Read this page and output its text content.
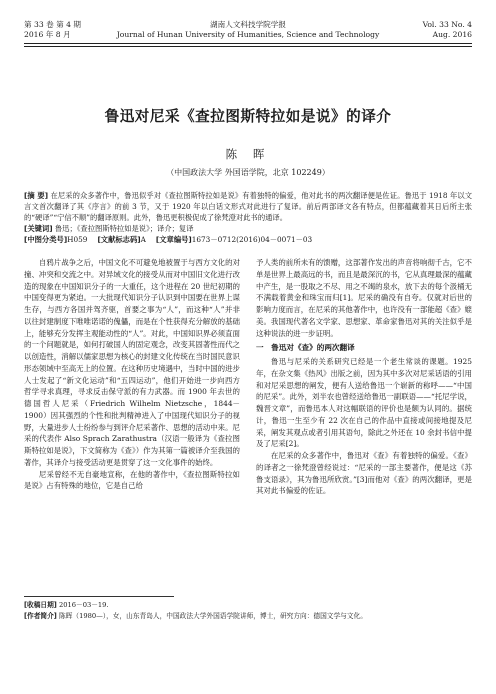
第 33 卷 第 4 期
2016 年 8 月
湖南人文科技学院学报
Journal of Hunan University of Humanities, Science and Technology
Vol. 33 No. 4
Aug. 2016
鲁迅对尼采《查拉图斯特拉如是说》的译介
陈 晖
（中国政法大学 外国语学院，北京 102249）
[摘 要] 在尼采的众多著作中，鲁迅似乎对《查拉图斯特拉如是说》有着独特的偏爱，他对此书的两次翻译便是佐证。鲁迅于 1918 年以文言文首次翻译了其《序言》的前 3 节，又于 1920 年以白话文形式对此进行了复译。前后两部译文各有特点，但都蕴藏着其日后所主张的“硬译”“宁信不顺”的翻译原则。此外，鲁迅更积极促成了徐梵澄对此书的通译。
[关键词] 鲁迅；《查拉图斯特拉如是说》；译介；复译
[中图分类号]H059 [文献标志码]A [文章编号]1673－0712(2016)04－0071－03

自鸦片战争之后，中国文化不可避免地被置于与西方文化的对撞、冲突和交流之中。对异域文化的接受从而对中国旧文化进行改造的现象在中国知识分子的一大重任，这个进程在 20 世纪初期的中国变得更为紧迫。一大批现代知识分子认识到中国要在世界上谋生存，与西方各国并驾齐驱，首要之事为“人”，而这种“人”并非以往封建制度下唯唯诺诺的傀儡，而是在个性获得充分解放的基础上，能够充分发挥主观能动性的“人”。对此，中国知识界必须直面的一个问题就是，如何打破国人的固定观念，改变其固著性而代之以创造性，消解以儒家思想为核心的封建文化传统在当时国民意识形态领域中至高无上的位置。在这种历史境遇中，当时中国的进步人士发起了“新文化运动”和“五四运动”，他们开始进一步向西方哲学寻求真理，寻求反击保守派的有力武器。而 1900 年去世的德国哲人尼采（Friedrich Wilhelm Nietzsche，1844－1900）因其强烈的个性和批判精神进入了中国现代知识分子的视野，大量进步人士纷纷参与到评介尼采著作、思想的活动中来。尼采的代表作 Also Sprach Zarathustra（汉语一般译为《查拉图斯特拉如是说》，下文简称为《查》）作为其第一篇被译介至我国的著作，其译介与接受活动更是贯穿了这一文化事件的始终。

尼采曾经不无自豪地宣称，在他的著作中，《查拉图斯特拉如是说》占有特殊的地位，它是自己给

予人类的前所未有的馈赠，这部著作发出的声音将响彻千古，它不单是世界上最高远的书，而且是最深沉的书，它从真理最深的蕴藏中产生，是一股取之不尽、用之不竭的泉水，放下去的每个汲桶无不满载着黄金和珠宝而归[1]。尼采的确没有自夸。仅就对后世的影响力度而言，在尼采的其他著作中，也许没有一部能超《查》媲美。我国现代著名文学家、思想家、革命家鲁迅对其的关注似乎是这种说法的进一步证明。

一　鲁迅对《查》的两次翻译

鲁迅与尼采的关系研究已经是一个老生常谈的课题。1925 年，在杂文集《热风》出版之前，因为其中多次对尼采话语的引用和对尼采思想的阐发，便有人送给鲁迅一个崭新的称呼——“中国的尼采”。此外，刘半农也曾经送给鲁迅一副联语——“托尼学说，魏晋文章”，而鲁迅本人对这幅联语的评价也是颇为认同的。据统计，鲁迅一生至少有 22 次在自己的作品中直接或间接地提及尼采，阐发其观点或者引用其语句，除此之外还在 10 余封书信中提及了尼采[2]。

在尼采的众多著作中，鲁迅对《查》有着独特的偏爱。《查》的译者之一徐梵澄曾经说过：“尼采的一部主要著作，便是这《苏鲁支语录》，其为鲁迅所欣赏。”[3]而他对《查》的两次翻译，更是其对此书偏爱的佐证。

[收稿日期] 2016－03－19.
[作者简介] 陈晖（1980—），女，山东青岛人，中国政法大学外国语学院讲师，博士，研究方向：德国文学与文化。
